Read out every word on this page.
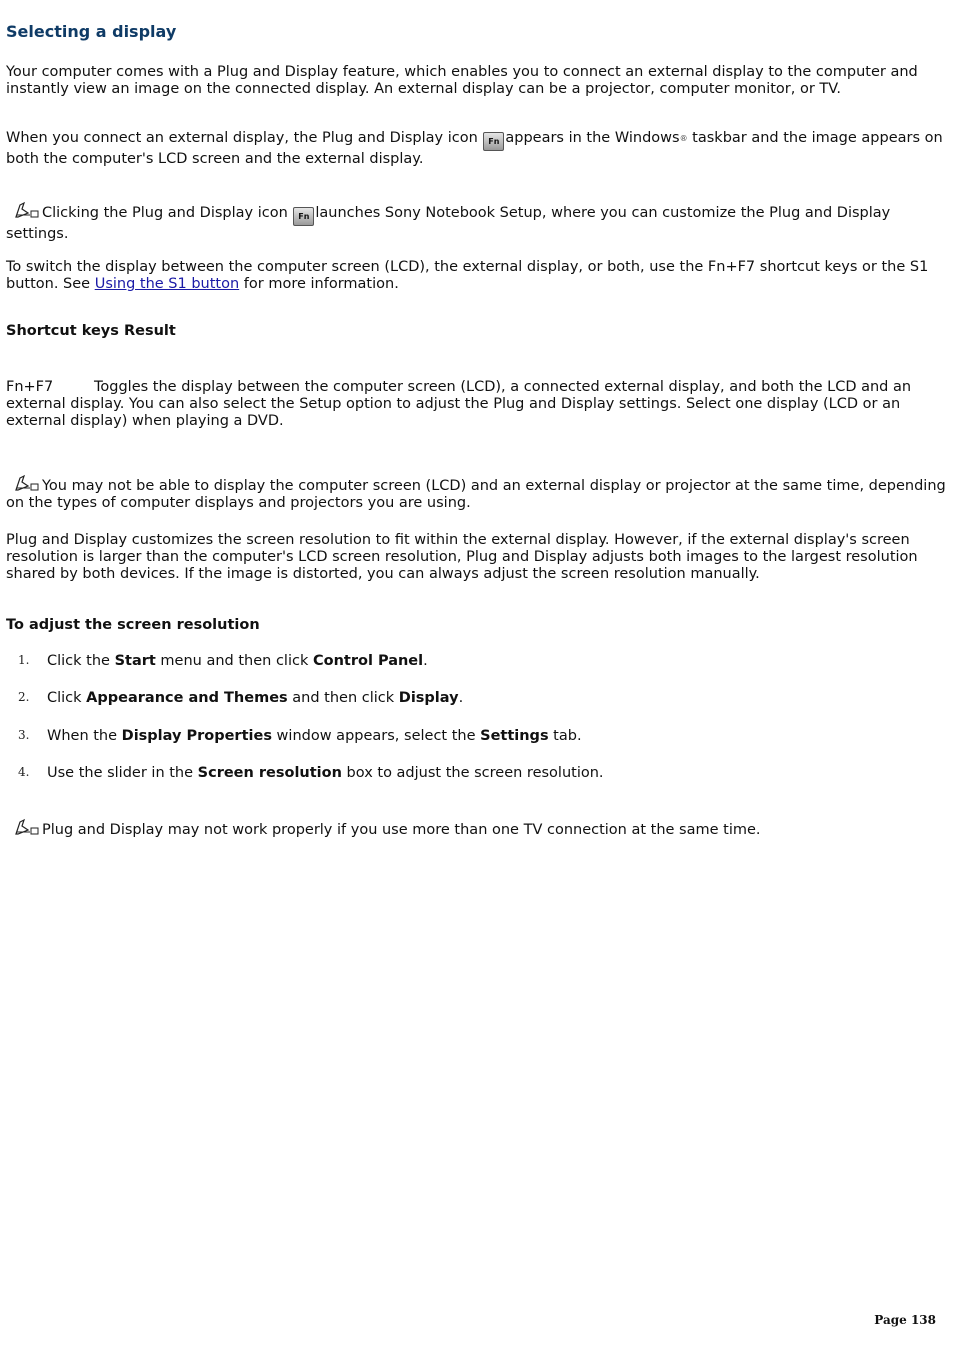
Selecting a display
Your computer comes with a Plug and Display feature, which enables you to connect an external display to the computer and instantly view an image on the connected display. An external display can be a projector, computer monitor, or TV.
When you connect an external display, the Plug and Display icon Fn appears in the Windows® taskbar and the image appears on both the computer's LCD screen and the external display.
Clicking the Plug and Display icon Fn launches Sony Notebook Setup, where you can customize the Plug and Display settings.
To switch the display between the computer screen (LCD), the external display, or both, use the Fn+F7 shortcut keys or the S1 button. See Using the S1 button for more information.
Shortcut keys Result
Fn+F7	Toggles the display between the computer screen (LCD), a connected external display, and both the LCD and an external display. You can also select the Setup option to adjust the Plug and Display settings. Select one display (LCD or an external display) when playing a DVD.
You may not be able to display the computer screen (LCD) and an external display or projector at the same time, depending on the types of computer displays and projectors you are using.
Plug and Display customizes the screen resolution to fit within the external display. However, if the external display's screen resolution is larger than the computer's LCD screen resolution, Plug and Display adjusts both images to the largest resolution shared by both devices. If the image is distorted, you can always adjust the screen resolution manually.
To adjust the screen resolution
1. Click the Start menu and then click Control Panel.
2. Click Appearance and Themes and then click Display.
3. When the Display Properties window appears, select the Settings tab.
4. Use the slider in the Screen resolution box to adjust the screen resolution.
Plug and Display may not work properly if you use more than one TV connection at the same time.
Page 138
